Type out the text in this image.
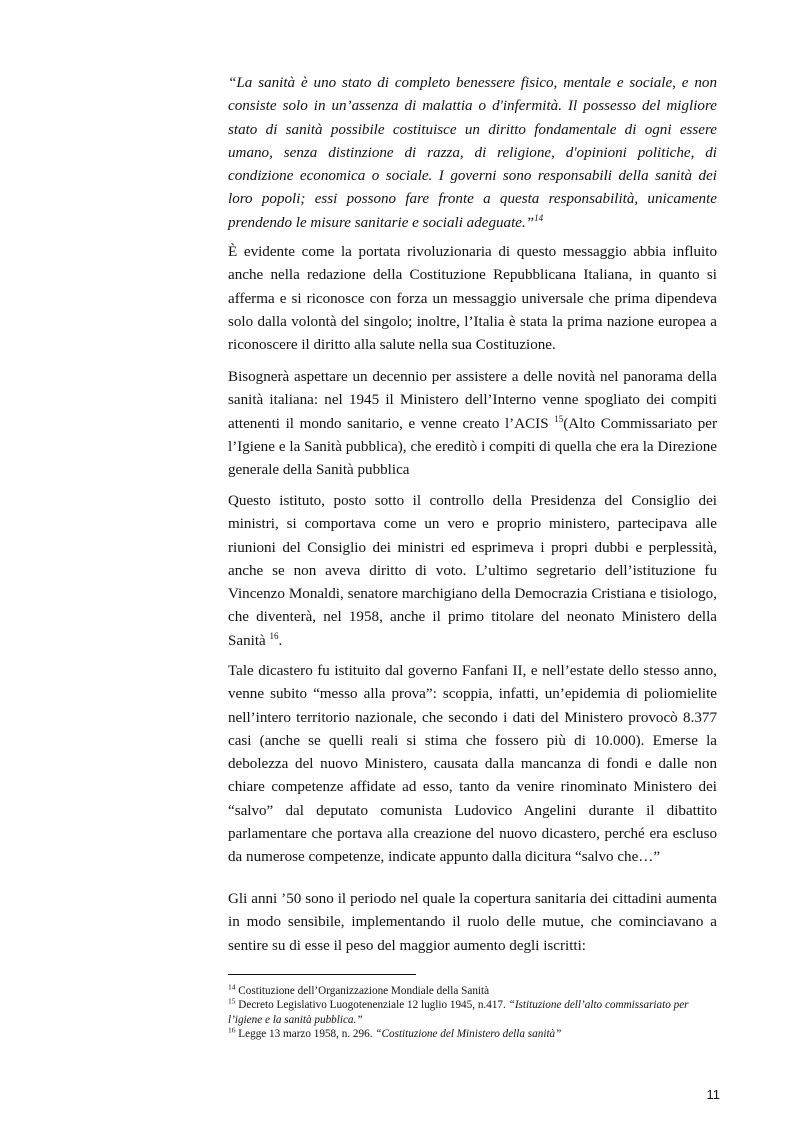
“La sanità è uno stato di completo benessere fisico, mentale e sociale, e non consiste solo in un’assenza di malattia o d'infermità. Il possesso del migliore stato di sanità possibile costituisce un diritto fondamentale di ogni essere umano, senza distinzione di razza, di religione, d'opinioni politiche, di condizione economica o sociale. I governi sono responsabili della sanità dei loro popoli; essi possono fare fronte a questa responsabilità, unicamente prendendo le misure sanitarie e sociali adeguate.”$^{14}$

È evidente come la portata rivoluzionaria di questo messaggio abbia influito anche nella redazione della Costituzione Repubblicana Italiana, in quanto si afferma e si riconosce con forza un messaggio universale che prima dipendeva solo dalla volontà del singolo; inoltre, l’Italia è stata la prima nazione europea a riconoscere il diritto alla salute nella sua Costituzione.

Bisognerà aspettare un decennio per assistere a delle novità nel panorama della sanità italiana: nel 1945 il Ministero dell’Interno venne spogliato dei compiti attenenti il mondo sanitario, e venne creato l’ACIS $^{15}$(Alto Commissariato per l’Igiene e la Sanità pubblica), che ereditò i compiti di quella che era la Direzione generale della Sanità pubblica

Questo istituto, posto sotto il controllo della Presidenza del Consiglio dei ministri, si comportava come un vero e proprio ministero, partecipava alle riunioni del Consiglio dei ministri ed esprimeva i propri dubbi e perplessità, anche se non aveva diritto di voto. L’ultimo segretario dell’istituzione fu Vincenzo Monaldi, senatore marchigiano della Democrazia Cristiana e tisiologo, che diventerà, nel 1958, anche il primo titolare del neonato Ministero della Sanità $^{16}$.

Tale dicastero fu istituito dal governo Fanfani II, e nell’estate dello stesso anno, venne subito “messo alla prova”: scoppia, infatti, un’epidemia di poliomielite nell’intero territorio nazionale, che secondo i dati del Ministero provocò 8.377 casi (anche se quelli reali si stima che fossero più di 10.000). Emerse la debolezza del nuovo Ministero, causata dalla mancanza di fondi e dalle non chiare competenze affidate ad esso, tanto da venire rinominato Ministero dei “salvo” dal deputato comunista Ludovico Angelini durante il dibattito parlamentare che portava alla creazione del nuovo dicastero, perché era escluso da numerose competenze, indicate appunto dalla dicitura “salvo che…”

Gli anni ’50 sono il periodo nel quale la copertura sanitaria dei cittadini aumenta in modo sensibile, implementando il ruolo delle mutue, che cominciavano a sentire su di esse il peso del maggior aumento degli iscritti:

$^{14}$ Costituzione dell’Organizzazione Mondiale della Sanità

$^{15}$ Decreto Legislativo Luogotenenziale 12 luglio 1945, n.417. “Istituzione dell’alto commissariato per l’igiene e la sanità pubblica.”

$^{16}$ Legge 13 marzo 1958, n. 296. “Costituzione del Ministero della sanità”

11
